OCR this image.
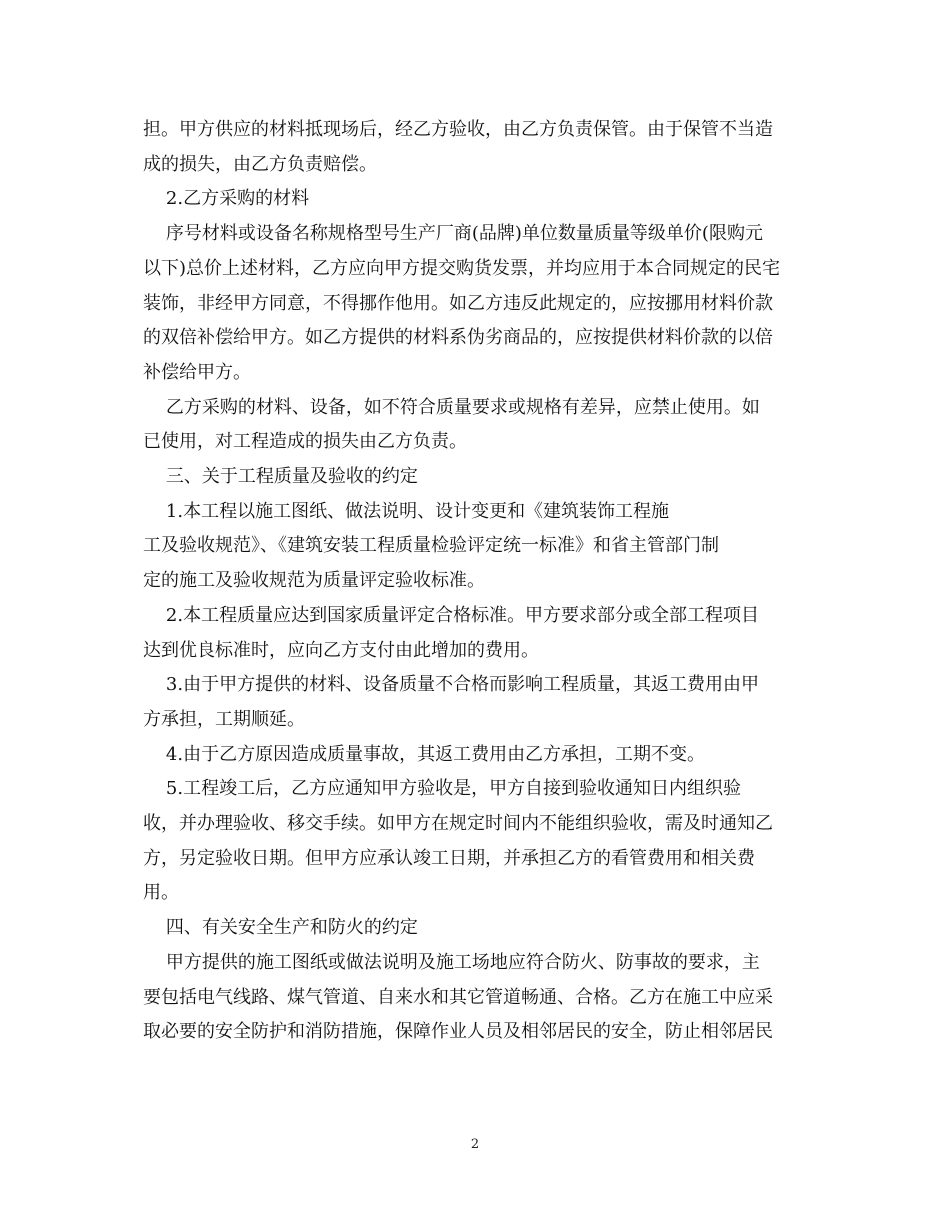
担。甲方供应的材料抵现场后，经乙方验收，由乙方负责保管。由于保管不当造

成的损失，由乙方负责赔偿。

2.乙方采购的材料

序号材料或设备名称规格型号生产厂商(品牌)单位数量质量等级单价(限购元

以下)总价上述材料，乙方应向甲方提交购货发票，并均应用于本合同规定的民宅

装饰，非经甲方同意，不得挪作他用。如乙方违反此规定的，应按挪用材料价款

的双倍补偿给甲方。如乙方提供的材料系伪劣商品的，应按提供材料价款的以倍

补偿给甲方。

乙方采购的材料、设备，如不符合质量要求或规格有差异，应禁止使用。如

已使用，对工程造成的损失由乙方负责。

三、关于工程质量及验收的约定

1.本工程以施工图纸、做法说明、设计变更和《建筑装饰工程施

工及验收规范》、《建筑安装工程质量检验评定统一标准》和省主管部门制

定的施工及验收规范为质量评定验收标准。

2.本工程质量应达到国家质量评定合格标准。甲方要求部分或全部工程项目

达到优良标准时，应向乙方支付由此增加的费用。

3.由于甲方提供的材料、设备质量不合格而影响工程质量，其返工费用由甲

方承担，工期顺延。

4.由于乙方原因造成质量事故，其返工费用由乙方承担，工期不变。

5.工程竣工后，乙方应通知甲方验收是，甲方自接到验收通知日内组织验

收，并办理验收、移交手续。如甲方在规定时间内不能组织验收，需及时通知乙

方，另定验收日期。但甲方应承认竣工日期，并承担乙方的看管费用和相关费

用。

四、有关安全生产和防火的约定

甲方提供的施工图纸或做法说明及施工场地应符合防火、防事故的要求，主

要包括电气线路、煤气管道、自来水和其它管道畅通、合格。乙方在施工中应采

取必要的安全防护和消防措施，保障作业人员及相邻居民的安全，防止相邻居民

2
